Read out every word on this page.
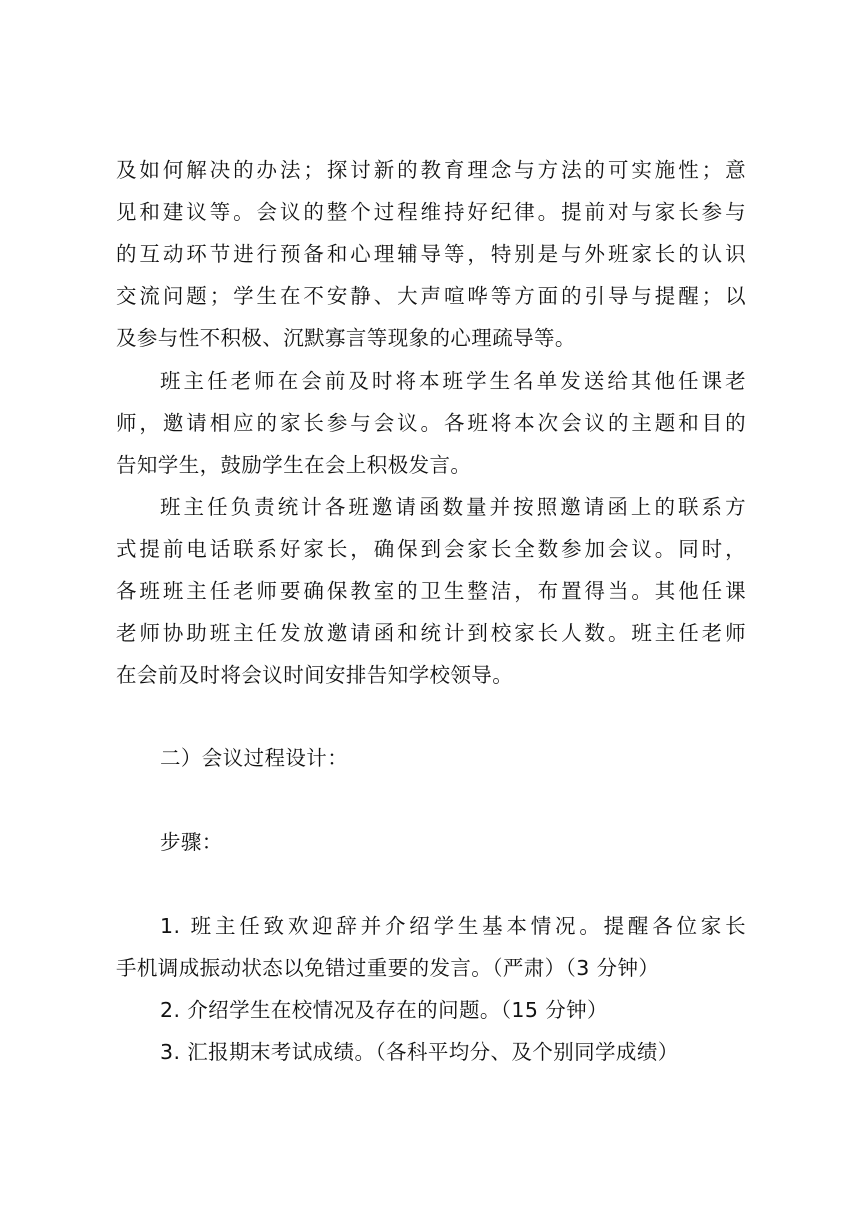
及如何解决的办法；探讨新的教育理念与方法的可实施性；意
见和建议等。会议的整个过程维持好纪律。提前对与家长参与
的互动环节进行预备和心理辅导等，特别是与外班家长的认识
交流问题；学生在不安静、大声喧哗等方面的引导与提醒；以
及参与性不积极、沉默寡言等现象的心理疏导等。
班主任老师在会前及时将本班学生名单发送给其他任课老
师，邀请相应的家长参与会议。各班将本次会议的主题和目的
告知学生，鼓励学生在会上积极发言。
班主任负责统计各班邀请函数量并按照邀请函上的联系方
式提前电话联系好家长，确保到会家长全数参加会议。同时，
各班班主任老师要确保教室的卫生整洁，布置得当。其他任课
老师协助班主任发放邀请函和统计到校家长人数。班主任老师
在会前及时将会议时间安排告知学校领导。
二）会议过程设计：
步骤：
1. 班主任致欢迎辞并介绍学生基本情况。提醒各位家长
手机调成振动状态以免错过重要的发言。（严肃）（3 分钟）
2. 介绍学生在校情况及存在的问题。（15 分钟）
3. 汇报期末考试成绩。（各科平均分、及个别同学成绩）
